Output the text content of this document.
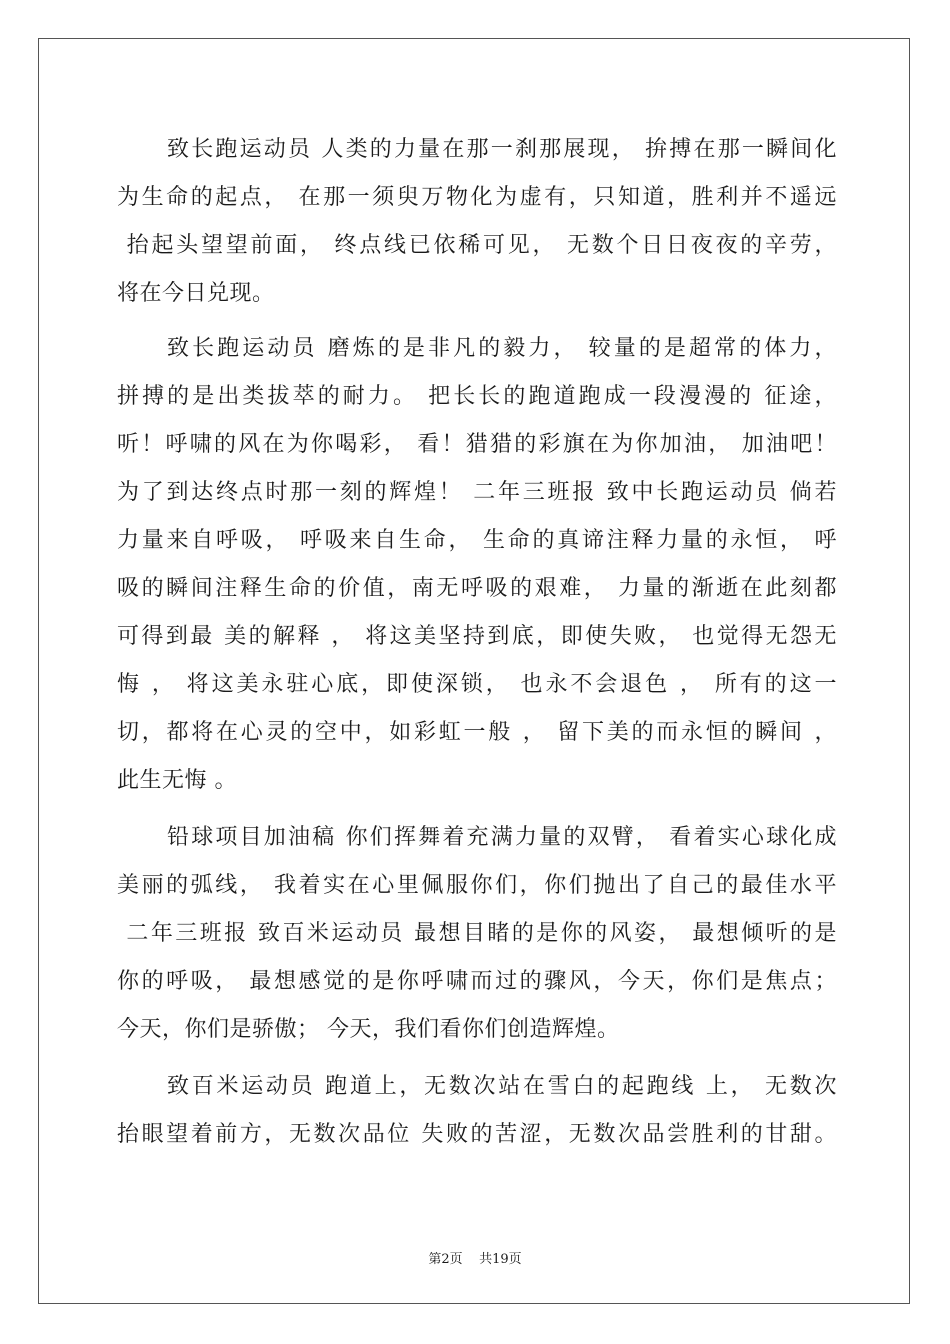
致长跑运动员 人类的力量在那一刹那展现， 拚搏在那一瞬间化
为生命的起点， 在那一须臾万物化为虚有，只知道，胜利并不遥远
抬起头望望前面， 终点线已依稀可见， 无数个日日夜夜的辛劳，
将在今日兑现。
致长跑运动员 磨炼的是非凡的毅力， 较量的是超常的体力，
拼搏的是出类拔萃的耐力。 把长长的跑道跑成一段漫漫的 征途，
听！呼啸的风在为你喝彩， 看！猎猎的彩旗在为你加油， 加油吧！
为了到达终点时那一刻的辉煌！ 二年三班报 致中长跑运动员 倘若
力量来自呼吸， 呼吸来自生命， 生命的真谛注释力量的永恒， 呼
吸的瞬间注释生命的价值，南无呼吸的艰难， 力量的渐逝在此刻都
可得到最 美的解释 ， 将这美坚持到底，即使失败， 也觉得无怨无
悔 ， 将这美永驻心底，即使深锁， 也永不会退色 ， 所有的这一
切，都将在心灵的空中，如彩虹一般 ， 留下美的而永恒的瞬间 ，
此生无悔 。
铅球项目加油稿 你们挥舞着充满力量的双臂， 看着实心球化成
美丽的弧线， 我着实在心里佩服你们，你们抛出了自己的最佳水平
二年三班报 致百米运动员 最想目睹的是你的风姿， 最想倾听的是
你的呼吸， 最想感觉的是你呼啸而过的骤风，今天，你们是焦点；
今天，你们是骄傲； 今天，我们看你们创造辉煌。
致百米运动员 跑道上，无数次站在雪白的起跑线 上， 无数次
抬眼望着前方，无数次品位 失败的苦涩，无数次品尝胜利的甘甜。
第2页    共19页
